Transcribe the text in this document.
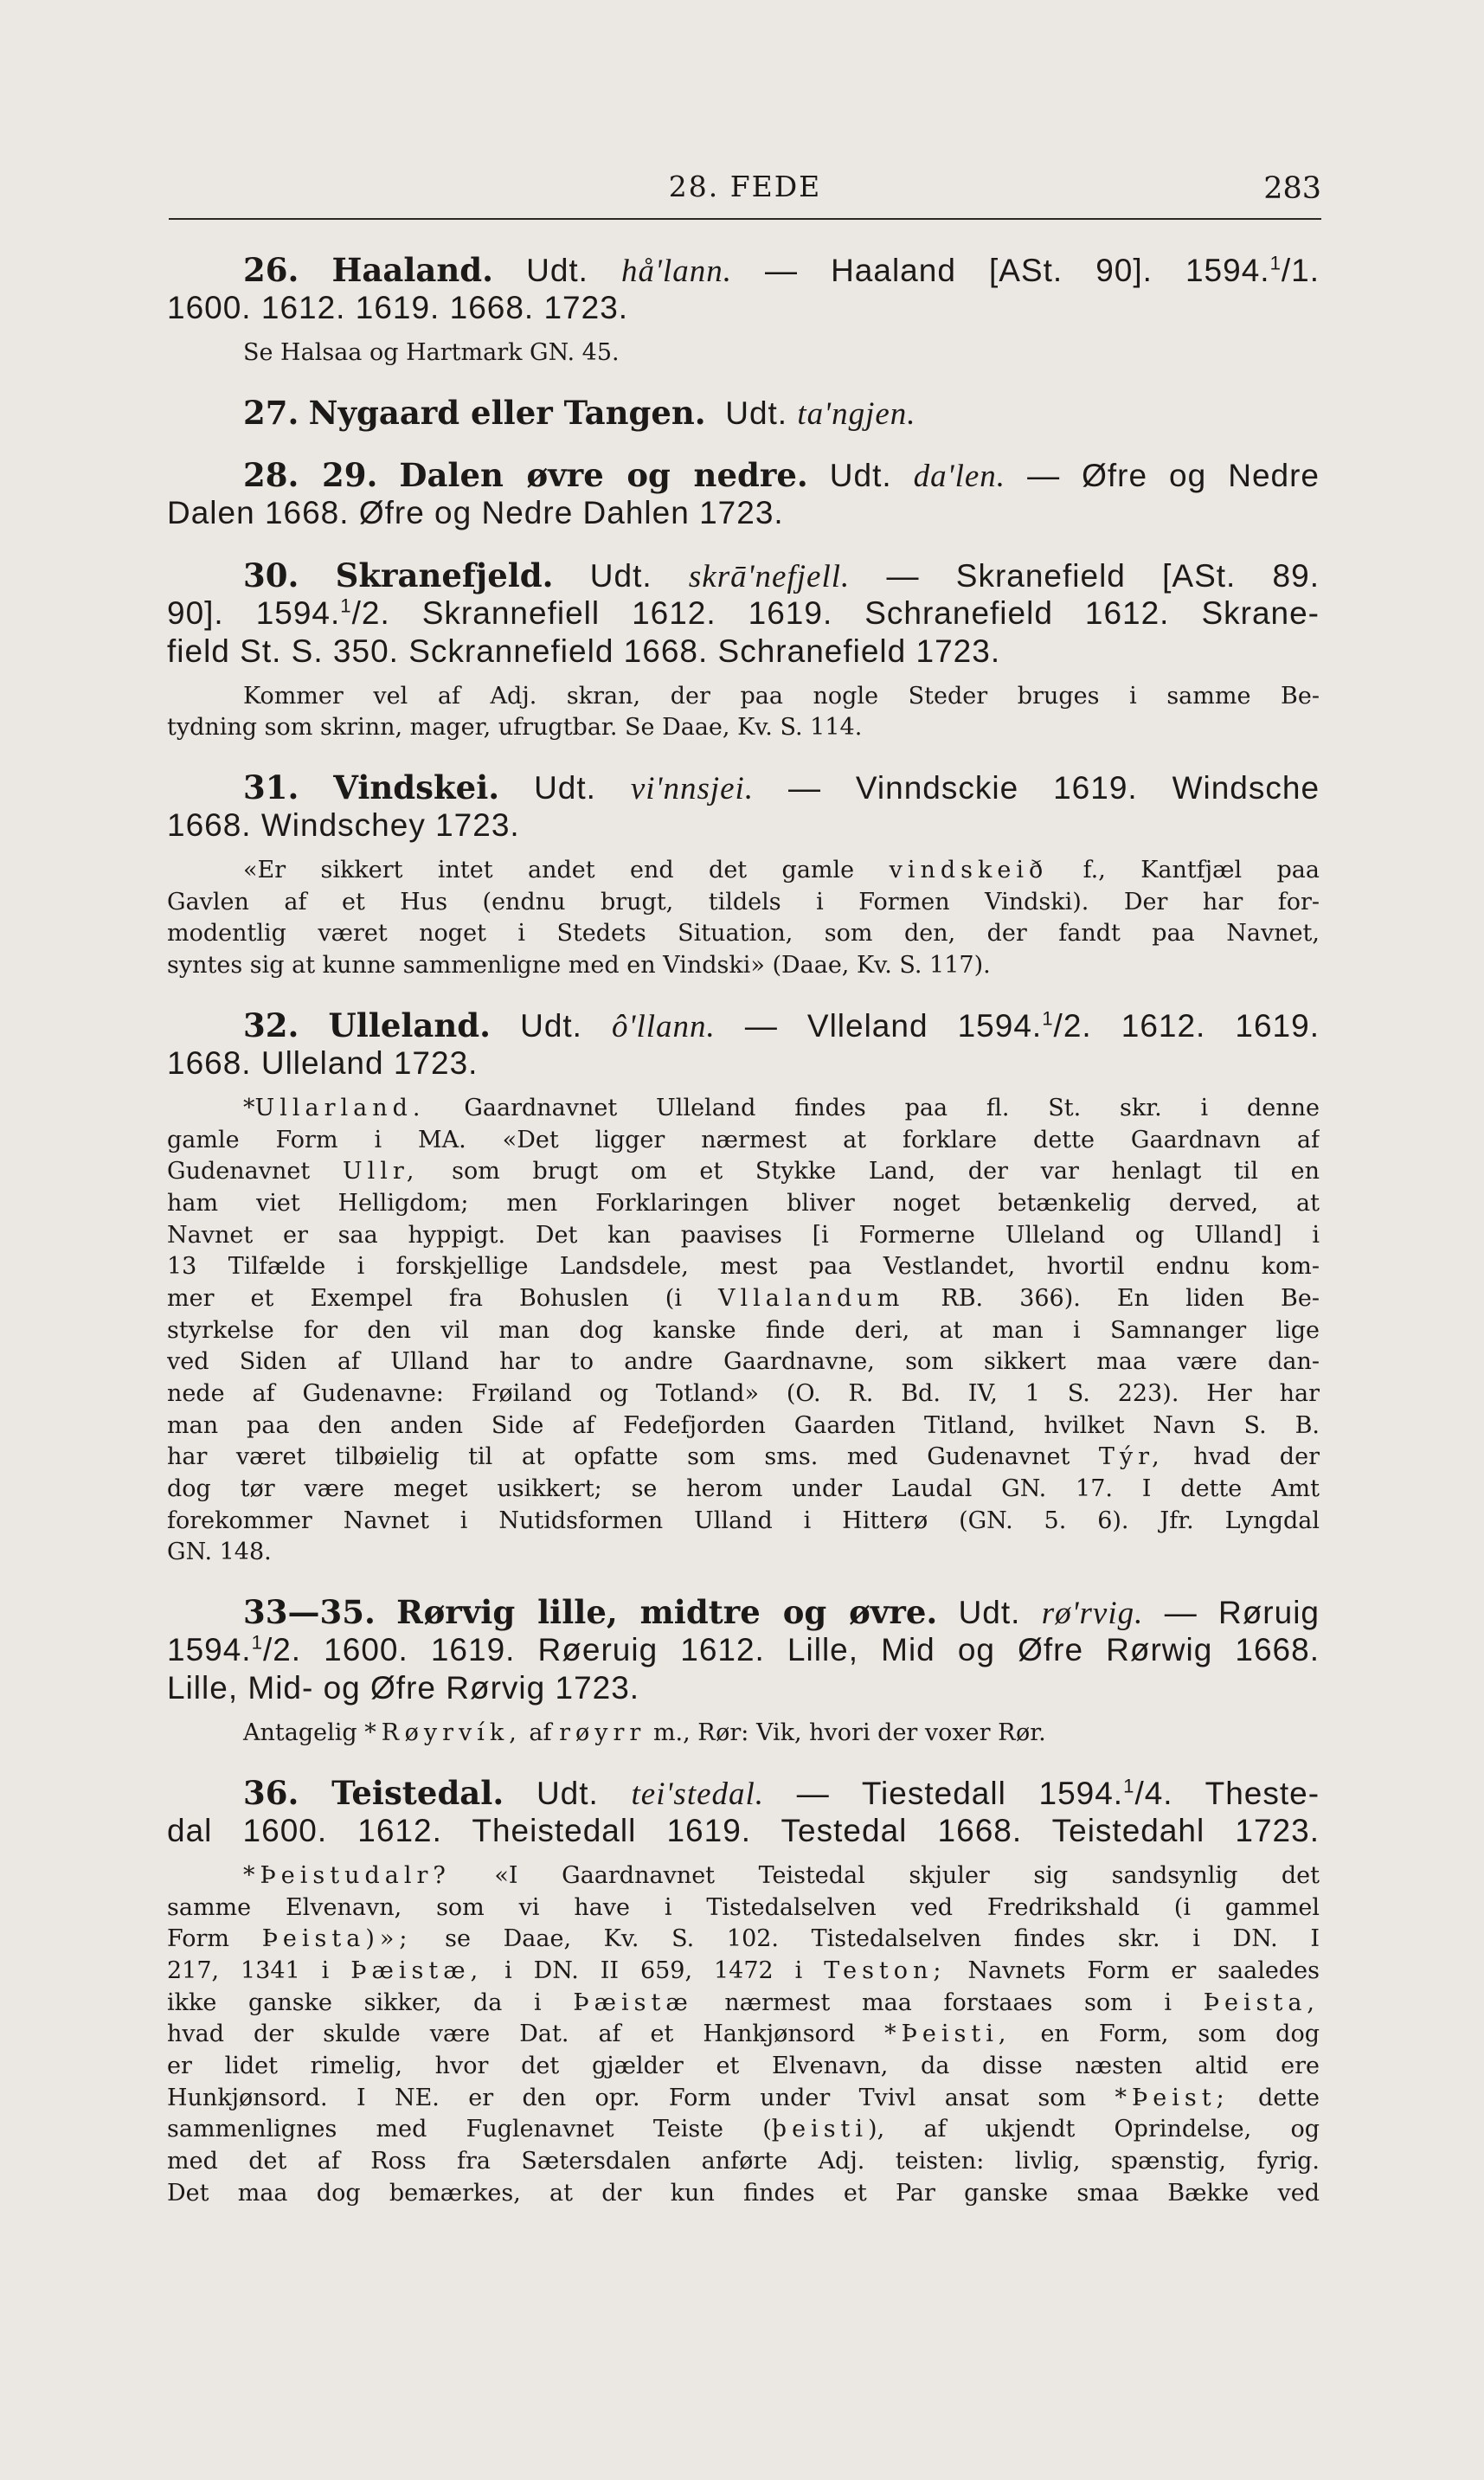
28. FEDE	283
26. Haaland. Udt. hå'lann. — Haaland [ASt. 90]. 1594.$^1$/1.
1600. 1612. 1619. 1668. 1723.
Se Halsaa og Hartmark GN. 45.
27. Nygaard eller Tangen. Udt. ta'ngjen.
28. 29. Dalen øvre og nedre. Udt. da'len. — Øfre og Nedre
Dalen 1668. Øfre og Nedre Dahlen 1723.
30. Skranefjeld. Udt. skrā'nefjell. — Skranefield [ASt. 89.
90]. 1594.$^1$/2. Skrannefiell 1612. 1619. Schranefield 1612. Skrane-
field St. S. 350. Sckrannefield 1668. Schranefield 1723.
Kommer vel af Adj. skran, der paa nogle Steder bruges i samme Be-
tydning som skrinn, mager, ufrugtbar. Se Daae, Kv. S. 114.
31. Vindskei. Udt. vi'nnsjei. — Vinndsckie 1619. Windsche
1668. Windschey 1723.
«Er sikkert intet andet end det gamle vindskeið f., Kantfjæl paa
Gavlen af et Hus (endnu brugt, tildels i Formen Vindski). Der har for-
modentlig været noget i Stedets Situation, som den, der fandt paa Navnet,
syntes sig at kunne sammenligne med en Vindski» (Daae, Kv. S. 117).
32. Ulleland. Udt. ô'llann. — Vlleland 1594.$^1$/2. 1612. 1619.
1668. Ulleland 1723.
*Ullarland. Gaardnavnet Ulleland findes paa fl. St. skr. i denne
gamle Form i MA. «Det ligger nærmest at forklare dette Gaardnavn af
Gudenavnet Ullr, som brugt om et Stykke Land, der var henlagt til en
ham viet Helligdom; men Forklaringen bliver noget betænkelig derved, at
Navnet er saa hyppigt. Det kan paavises [i Formerne Ulleland og Ulland] i
13 Tilfælde i forskjellige Landsdele, mest paa Vestlandet, hvortil endnu kom-
mer et Exempel fra Bohuslen (i Vllalandum RB. 366). En liden Be-
styrkelse for den vil man dog kanske finde deri, at man i Samnanger lige
ved Siden af Ulland har to andre Gaardnavne, som sikkert maa være dan-
nede af Gudenavne: Frøiland og Totland» (O. R. Bd. IV, 1 S. 223). Her har
man paa den anden Side af Fedefjorden Gaarden Titland, hvilket Navn S. B.
har været tilbøielig til at opfatte som sms. med Gudenavnet Týr, hvad der
dog tør være meget usikkert; se herom under Laudal GN. 17. I dette Amt
forekommer Navnet i Nutidsformen Ulland i Hitterø (GN. 5. 6). Jfr. Lyngdal
GN. 148.
33—35. Rørvig lille, midtre og øvre. Udt. rø'rvig. — Røruig
1594.$^1$/2. 1600. 1619. Røeruig 1612. Lille, Mid og Øfre Rørwig 1668.
Lille, Mid- og Øfre Rørvig 1723.
Antagelig *Røyrvík, af røyrr m., Rør: Vik, hvori der voxer Rør.
36. Teistedal. Udt. tei'stedal. — Tiestedall 1594.$^1$/4. Theste-
dal 1600. 1612. Theistedall 1619. Testedal 1668. Teistedahl 1723.
*Þeistudalr? «I Gaardnavnet Teistedal skjuler sig sandsynlig det
samme Elvenavn, som vi have i Tistedalselven ved Fredrikshald (i gammel
Form Þeista)»; se Daae, Kv. S. 102. Tistedalselven findes skr. i DN. I
217, 1341 i Þæistæ, i DN. II 659, 1472 i Teston; Navnets Form er saaledes
ikke ganske sikker, da i Þæistæ nærmest maa forstaaes som i Þeista,
hvad der skulde være Dat. af et Hankjønsord *Þeisti, en Form, som dog
er lidet rimelig, hvor det gjælder et Elvenavn, da disse næsten altid ere
Hunkjønsord. I NE. er den opr. Form under Tvivl ansat som *Þeist; dette
sammenlignes med Fuglenavnet Teiste (þeisti), af ukjendt Oprindelse, og
med det af Ross fra Sætersdalen anførte Adj. teisten: livlig, spænstig, fyrig.
Det maa dog bemærkes, at der kun findes et Par ganske smaa Bække ved
